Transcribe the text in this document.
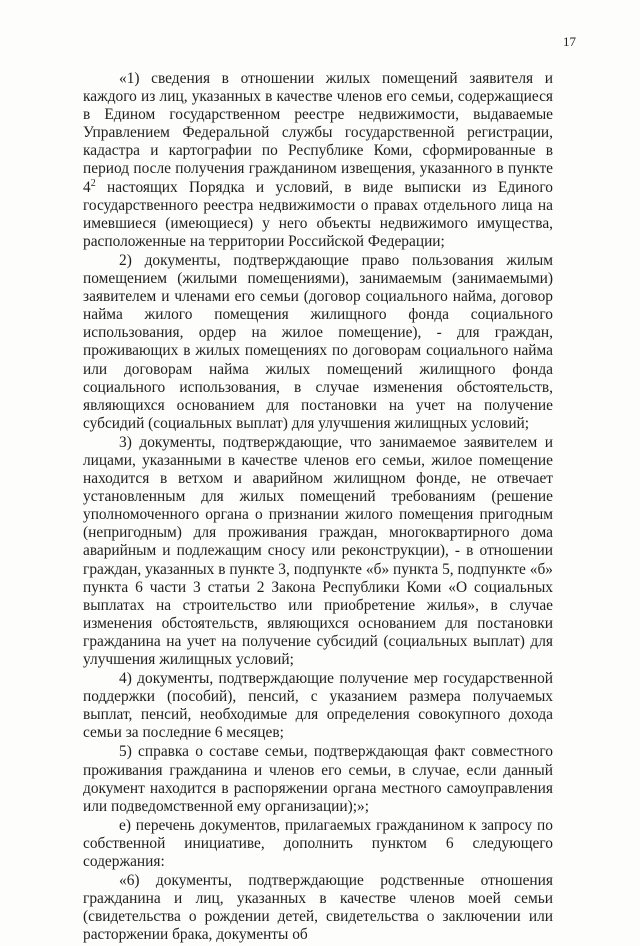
17

«1) сведения в отношении жилых помещений заявителя и каждого из лиц, указанных в качестве членов его семьи, содержащиеся в Едином государственном реестре недвижимости, выдаваемые Управлением Федеральной службы государственной регистрации, кадастра и картографии по Республике Коми, сформированные в период после получения гражданином извещения, указанного в пункте $4^2$ настоящих Порядка и условий, в виде выписки из Единого государственного реестра недвижимости о правах отдельного лица на имевшиеся (имеющиеся) у него объекты недвижимого имущества, расположенные на территории Российской Федерации;

2) документы, подтверждающие право пользования жилым помещением (жилыми помещениями), занимаемым (занимаемыми) заявителем и членами его семьи (договор социального найма, договор найма жилого помещения жилищного фонда социального использования, ордер на жилое помещение), - для граждан, проживающих в жилых помещениях по договорам социального найма или договорам найма жилых помещений жилищного фонда социального использования, в случае изменения обстоятельств, являющихся основанием для постановки на учет на получение субсидий (социальных выплат) для улучшения жилищных условий;

3) документы, подтверждающие, что занимаемое заявителем и лицами, указанными в качестве членов его семьи, жилое помещение находится в ветхом и аварийном жилищном фонде, не отвечает установленным для жилых помещений требованиям (решение уполномоченного органа о признании жилого помещения пригодным (непригодным) для проживания граждан, многоквартирного дома аварийным и подлежащим сносу или реконструкции), - в отношении граждан, указанных в пункте 3, подпункте «б» пункта 5, подпункте «б» пункта 6 части 3 статьи 2 Закона Республики Коми «О социальных выплатах на строительство или приобретение жилья», в случае изменения обстоятельств, являющихся основанием для постановки гражданина на учет на получение субсидий (социальных выплат) для улучшения жилищных условий;

4) документы, подтверждающие получение мер государственной поддержки (пособий), пенсий, с указанием размера получаемых выплат, пенсий, необходимые для определения совокупного дохода семьи за последние 6 месяцев;

5) справка о составе семьи, подтверждающая факт совместного проживания гражданина и членов его семьи, в случае, если данный документ находится в распоряжении органа местного самоуправления или подведомственной ему организации);»;

е) перечень документов, прилагаемых гражданином к запросу по собственной инициативе, дополнить пунктом 6 следующего содержания:

«6) документы, подтверждающие родственные отношения гражданина и лиц, указанных в качестве членов моей семьи (свидетельства о рождении детей, свидетельства о заключении или расторжении брака, документы об
